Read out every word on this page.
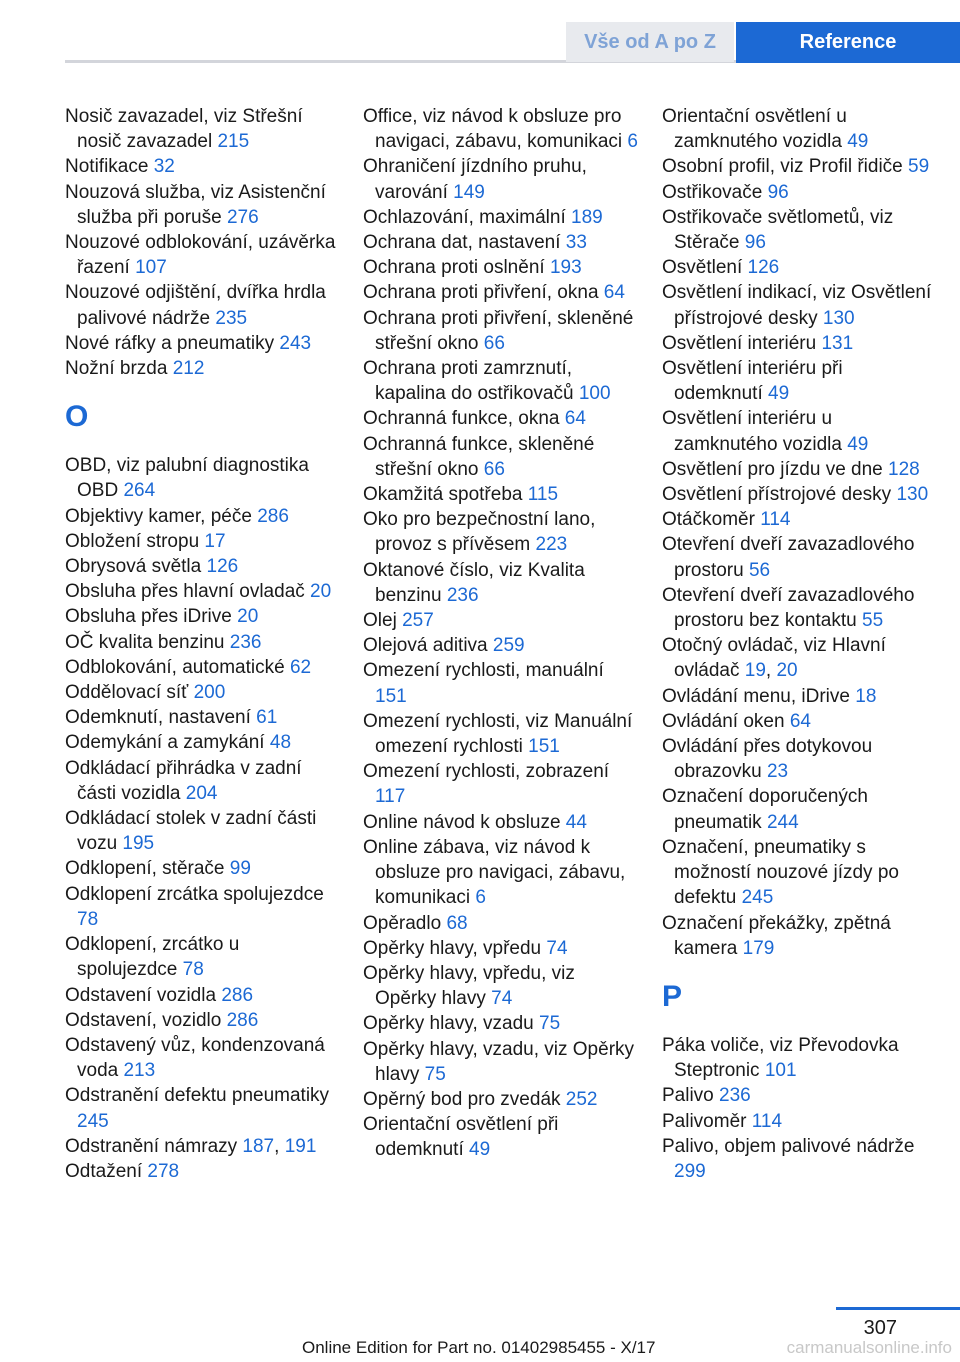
Vše od A po Z	Reference
Nosič zavazadel, viz Střešní nosič zavazadel 215
Notifikace 32
Nouzová služba, viz Asistenční služba při poruše 276
Nouzové odblokování, uzávěrka řazení 107
Nouzové odjištění, dvířka hrdla palivové nádrže 235
Nové ráfky a pneumatiky 243
Nožní brzda 212
O
OBD, viz palubní diagnostika OBD 264
Objektivy kamer, péče 286
Obložení stropu 17
Obrysová světla 126
Obsluha přes hlavní ovladač 20
Obsluha přes iDrive 20
OČ kvalita benzinu 236
Odblokování, automatické 62
Oddělovací síť 200
Odemknutí, nastavení 61
Odemykání a zamykání 48
Odkládací přihrádka v zadní části vozidla 204
Odkládací stolek v zadní části vozu 195
Odklopení, stěrače 99
Odklopení zrcátka spolujezdce 78
Odklopení, zrcátko u spolujezdce 78
Odstavení vozidla 286
Odstavení, vozidlo 286
Odstavený vůz, kondenzovaná voda 213
Odstranění defektu pneumatiky 245
Odstranění námrazy 187, 191
Odtažení 278
Office, viz návod k obsluze pro navigaci, zábavu, komunikaci 6
Ohraničení jízdního pruhu, varování 149
Ochlazování, maximální 189
Ochrana dat, nastavení 33
Ochrana proti oslnění 193
Ochrana proti přivření, okna 64
Ochrana proti přivření, skleněné střešní okno 66
Ochrana proti zamrznutí, kapalina do ostřikovačů 100
Ochranná funkce, okna 64
Ochranná funkce, skleněné střešní okno 66
Okamžitá spotřeba 115
Oko pro bezpečnostní lano, provoz s přívěsem 223
Oktanové číslo, viz Kvalita benzinu 236
Olej 257
Olejová aditiva 259
Omezení rychlosti, manuální 151
Omezení rychlosti, viz Manuální omezení rychlosti 151
Omezení rychlosti, zobrazení 117
Online návod k obsluze 44
Online zábava, viz návod k obsluze pro navigaci, zábavu, komunikaci 6
Opěradlo 68
Opěrky hlavy, vpředu 74
Opěrky hlavy, vpředu, viz Opěrky hlavy 74
Opěrky hlavy, vzadu 75
Opěrky hlavy, vzadu, viz Opěrky hlavy 75
Opěrný bod pro zvedák 252
Orientační osvětlení při odemknutí 49
Orientační osvětlení u zamknutého vozidla 49
Osobní profil, viz Profil řidiče 59
Ostřikovače 96
Ostřikovače světlometů, viz Stěrače 96
Osvětlení 126
Osvětlení indikací, viz Osvětlení přístrojové desky 130
Osvětlení interiéru 131
Osvětlení interiéru při odemknutí 49
Osvětlení interiéru u zamknutého vozidla 49
Osvětlení pro jízdu ve dne 128
Osvětlení přístrojové desky 130
Otáčkoměr 114
Otevření dveří zavazadlového prostoru 56
Otevření dveří zavazadlového prostoru bez kontaktu 55
Otočný ovládač, viz Hlavní ovládač 19, 20
Ovládání menu, iDrive 18
Ovládání oken 64
Ovládání přes dotykovou obrazovku 23
Označení doporučených pneumatik 244
Označení, pneumatiky s možností nouzové jízdy po defektu 245
Označení překážky, zpětná kamera 179
P
Páka voliče, viz Převodovka Steptronic 101
Palivo 236
Palivoměr 114
Palivo, objem palivové nádrže 299
307
Online Edition for Part no. 01402985455 - X/17	carmanualsonline.info
